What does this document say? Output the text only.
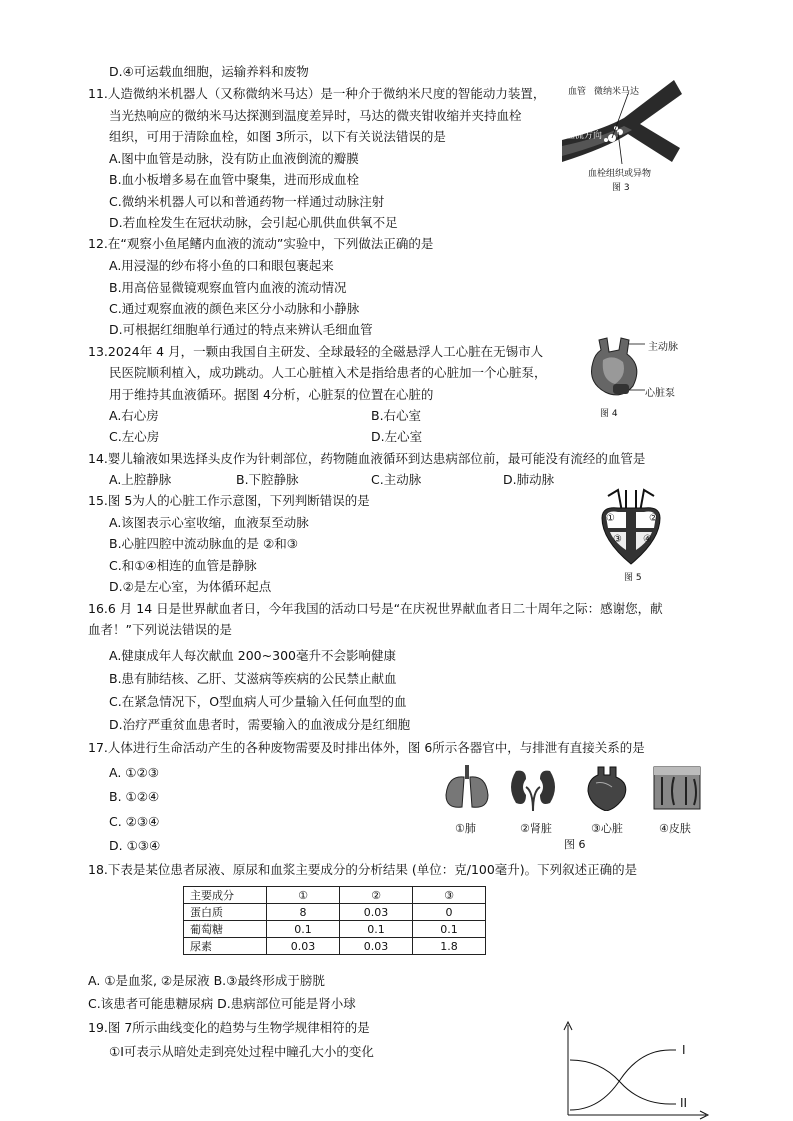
D.④可运载血细胞，运输养料和废物
11.人造微纳米机器人（又称微纳米马达）是一种介于微纳米尺度的智能动力装置，
当光热响应的微纳米马达探测到温度差异时，马达的微夹钳收缩并夹持血栓
组织，可用于清除血栓，如图 3所示，以下有关说法错误的是
A.图中血管是动脉，没有防止血液倒流的瓣膜
B.血小板增多易在血管中聚集，进而形成血栓
C.微纳米机器人可以和普通药物一样通过动脉注射
D.若血栓发生在冠状动脉，会引起心肌供血供氧不足
12.在“观察小鱼尾鳍内血液的流动”实验中，下列做法正确的是
A.用浸湿的纱布将小鱼的口和眼包裹起来
B.用高倍显微镜观察血管内血液的流动情况
C.通过观察血液的颜色来区分小动脉和小静脉
D.可根据红细胞单行通过的特点来辨认毛细血管
13.2024年 4 月，一颗由我国自主研发、全球最轻的全磁悬浮人工心脏在无锡市人
民医院顺利植入，成功跳动。人工心脏植入术是指给患者的心脏加一个心脏泵，
用于维持其血液循环。据图 4分析，心脏泵的位置在心脏的
A.右心房	B.右心室
C.左心房	D.左心室
14.婴儿输液如果选择头皮作为针刺部位，药物随血液循环到达患病部位前，最可能没有流经的血管是
A.上腔静脉	B.下腔静脉	C.主动脉	D.肺动脉
15.图 5为人的心脏工作示意图，下列判断错误的是
A.该图表示心室收缩，血液泵至动脉
B.心脏四腔中流动脉血的是 ②和③
C.和①④相连的血管是静脉
D.②是左心室，为体循环起点
16.6 月 14 日是世界献血者日，今年我国的活动口号是“在庆祝世界献血者日二十周年之际：感谢您，献
血者！”下列说法错误的是
A.健康成年人每次献血 200~300毫升不会影响健康
B.患有肺结核、乙肝、艾滋病等疾病的公民禁止献血
C.在紧急情况下，O型血病人可少量输入任何血型的血
D.治疗严重贫血患者时，需要输入的血液成分是红细胞
17.人体进行生命活动产生的各种废物需要及时排出体外，图 6所示各器官中，与排泄有直接关系的是
A. ①②③
B. ①②④
C. ②③④
D. ①③④
18.下表是某位患者尿液、原尿和血浆主要成分的分析结果 (单位：克/100毫升)。下列叙述正确的是
主要成分	①	②	③
蛋白质	8	0.03	0
葡萄糖	0.1	0.1	0.1
尿素	0.03	0.03	1.8
A. ①是血浆, ②是尿液 B.③最终形成于膀胱
C.该患者可能患糖尿病 D.患病部位可能是肾小球
19.图 7所示曲线变化的趋势与生物学规律相符的是
①Ⅰ可表示从暗处走到亮处过程中瞳孔大小的变化
血管 微纳米马达
血流方向
血栓组织或异物
图 3
主动脉
心脏泵
图 4
①	②
③ ④
图 5
①肺	②肾脏	③心脏	④皮肤
图 6
I
II
